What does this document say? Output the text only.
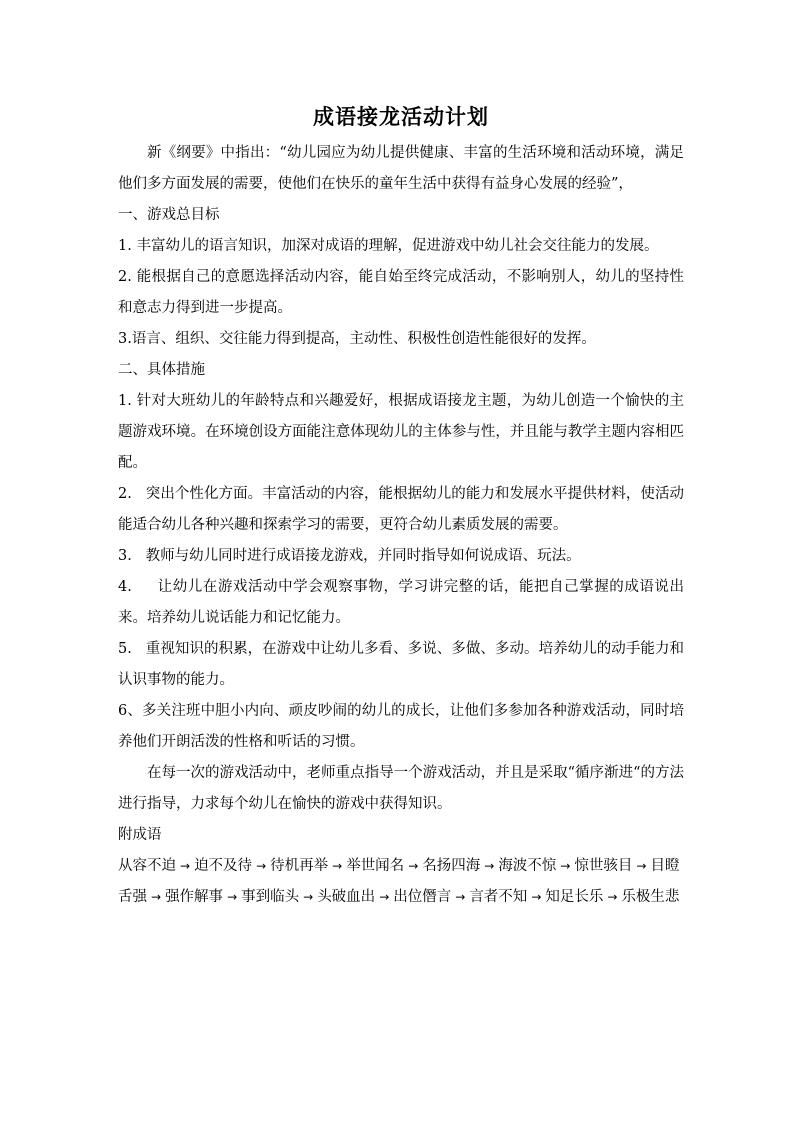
成语接龙活动计划

新《纲要》中指出：“幼儿园应为幼儿提供健康、丰富的生活环境和活动环境，满足他们多方面发展的需要，使他们在快乐的童年生活中获得有益身心发展的经验”，

一、游戏总目标

1. 丰富幼儿的语言知识，加深对成语的理解，促进游戏中幼儿社会交往能力的发展。

2. 能根据自己的意愿选择活动内容，能自始至终完成活动，不影响别人，幼儿的坚持性和意志力得到进一步提高。

3.语言、组织、交往能力得到提高，主动性、积极性创造性能很好的发挥。

二、具体措施

1. 针对大班幼儿的年龄特点和兴趣爱好，根据成语接龙主题，为幼儿创造一个愉快的主题游戏环境。在环境创设方面能注意体现幼儿的主体参与性，并且能与教学主题内容相匹配。

2.   突出个性化方面。丰富活动的内容，能根据幼儿的能力和发展水平提供材料，使活动能适合幼儿各种兴趣和探索学习的需要，更符合幼儿素质发展的需要。

3.   教师与幼儿同时进行成语接龙游戏，并同时指导如何说成语、玩法。

4.     让幼儿在游戏活动中学会观察事物，学习讲完整的话，能把自己掌握的成语说出来。培养幼儿说话能力和记忆能力。

5.   重视知识的积累，在游戏中让幼儿多看、多说、多做、多动。培养幼儿的动手能力和认识事物的能力。

6、多关注班中胆小内向、顽皮吵闹的幼儿的成长，让他们多参加各种游戏活动，同时培养他们开朗活泼的性格和听话的习惯。

在每一次的游戏活动中，老师重点指导一个游戏活动，并且是采取“循序渐进“的方法进行指导，力求每个幼儿在愉快的游戏中获得知识。

附成语

从容不迫 → 迫不及待 → 待机再举 → 举世闻名 → 名扬四海 → 海波不惊 → 惊世骇目 → 目瞪舌强 → 强作解事 → 事到临头 → 头破血出 → 出位僭言 → 言者不知 → 知足长乐 → 乐极生悲
